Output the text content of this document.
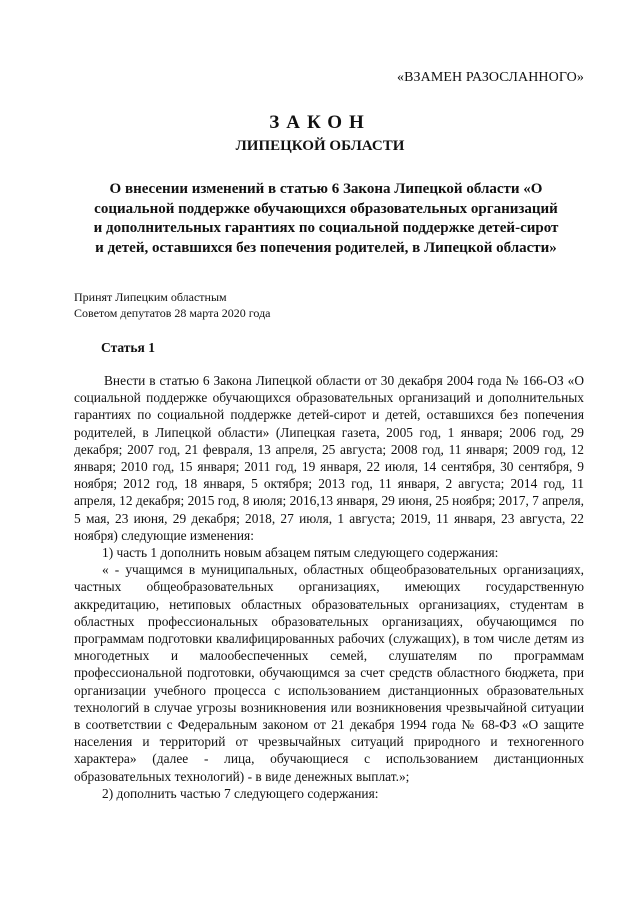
«ВЗАМЕН РАЗОСЛАННОГО»
ЗАКОН
ЛИПЕЦКОЙ ОБЛАСТИ
О внесении изменений в статью 6 Закона Липецкой области «О социальной поддержке обучающихся образовательных организаций и дополнительных гарантиях по социальной поддержке детей-сирот и детей, оставшихся без попечения родителей, в Липецкой области»
Принят Липецким областным
Советом депутатов 28 марта 2020 года
Статья 1

Внести в статью 6 Закона Липецкой области от 30 декабря 2004 года № 166-ОЗ «О социальной поддержке обучающихся образовательных организаций и дополнительных гарантиях по социальной поддержке детей-сирот и детей, оставшихся без попечения родителей, в Липецкой области» (Липецкая газета, 2005 год, 1 января; 2006 год, 29 декабря; 2007 год, 21 февраля, 13 апреля, 25 августа; 2008 год, 11 января; 2009 год, 12 января; 2010 год, 15 января; 2011 год, 19 января, 22 июля, 14 сентября, 30 сентября, 9 ноября; 2012 год, 18 января, 5 октября; 2013 год, 11 января, 2 августа; 2014 год, 11 апреля, 12 декабря; 2015 год, 8 июля; 2016,13 января, 29 июня, 25 ноября; 2017, 7 апреля, 5 мая, 23 июня, 29 декабря; 2018, 27 июля, 1 августа; 2019, 11 января, 23 августа, 22 ноября) следующие изменения:

1) часть 1 дополнить новым абзацем пятым следующего содержания:

« - учащимся в муниципальных, областных общеобразовательных организациях, частных общеобразовательных организациях, имеющих государственную аккредитацию, нетиповых областных образовательных организациях, студентам в областных профессиональных образовательных организациях, обучающимся по программам подготовки квалифицированных рабочих (служащих), в том числе детям из многодетных и малообеспеченных семей, слушателям по программам профессиональной подготовки, обучающимся за счет средств областного бюджета, при организации учебного процесса с использованием дистанционных образовательных технологий в случае угрозы возникновения или возникновения чрезвычайной ситуации в соответствии с Федеральным законом от 21 декабря 1994 года № 68-ФЗ «О защите населения и территорий от чрезвычайных ситуаций природного и техногенного характера» (далее - лица, обучающиеся с использованием дистанционных образовательных технологий) - в виде денежных выплат.»;

2) дополнить частью 7 следующего содержания:
